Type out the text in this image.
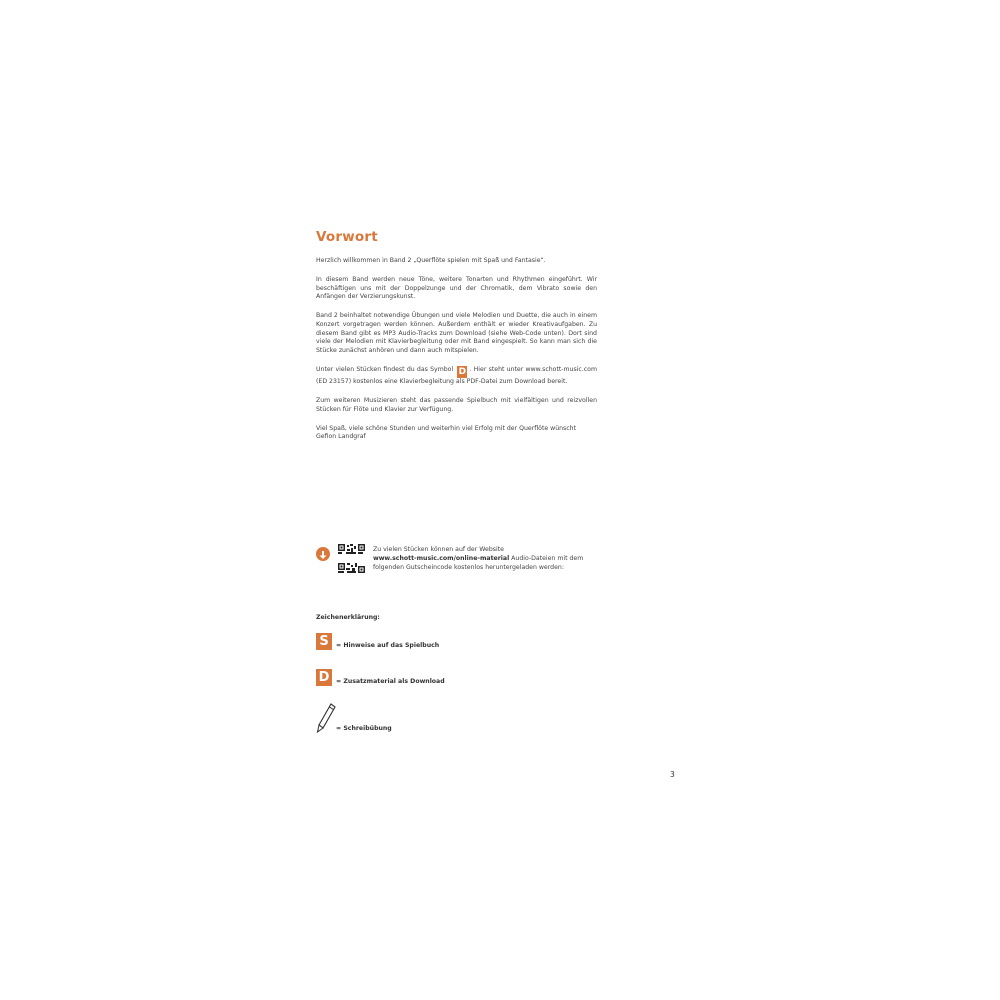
Vorwort

Herzlich willkommen in Band 2 „Querflöte spielen mit Spaß und Fantasie“.

In diesem Band werden neue Töne, weitere Tonarten und Rhythmen eingeführt. Wir beschäftigen uns mit der Doppelzunge und der Chromatik, dem Vibrato sowie den Anfängen der Verzierungskunst.

Band 2 beinhaltet notwendige Übungen und viele Melodien und Duette, die auch in einem Konzert vorgetragen werden können. Außerdem enthält er wieder Kreativaufgaben. Zu diesem Band gibt es MP3 Audio-Tracks zum Download (siehe Web-Code unten). Dort sind viele der Melodien mit Klavierbegleitung oder mit Band eingespielt. So kann man sich die Stücke zunächst anhören und dann auch mitspielen.

Unter vielen Stücken findest du das Symbol D . Hier steht unter www.schott-music.com (ED 23157) kostenlos eine Klavierbegleitung als PDF-Datei zum Download bereit.

Zum weiteren Musizieren steht das passende Spielbuch mit vielfältigen und reizvollen Stücken für Flöte und Klavier zur Verfügung.

Viel Spaß, viele schöne Stunden und weiterhin viel Erfolg mit der Querflöte wünscht
Gefion Landgraf

Zu vielen Stücken können auf der Website
www.schott-music.com/online-material Audio-Dateien mit dem
folgenden Gutscheincode kostenlos heruntergeladen werden:
Zeichenerklärung:
S	= Hinweise auf das Spielbuch
D	= Zusatzmaterial als Download
= Schreibübung
3
